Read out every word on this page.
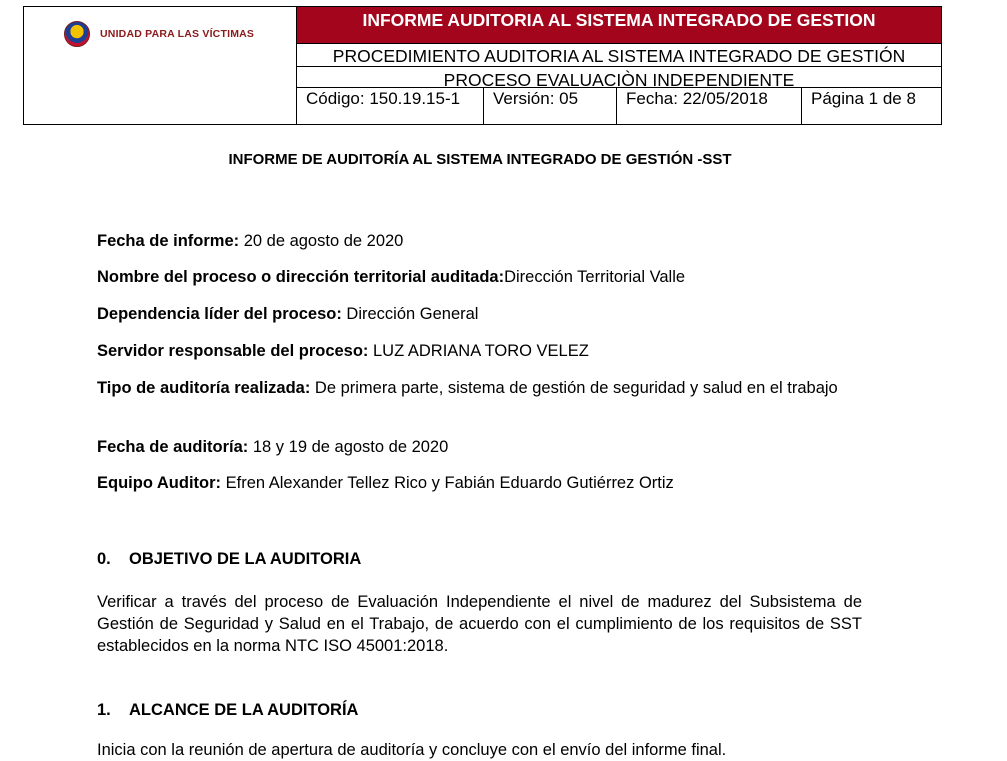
UNIDAD PARA LAS VÍCTIMAS
INFORME AUDITORIA AL SISTEMA INTEGRADO DE GESTION
PROCEDIMIENTO AUDITORIA AL SISTEMA INTEGRADO DE GESTIÓN
PROCESO EVALUACIÒN INDEPENDIENTE
Código: 150.19.15-1	Versión: 05	Fecha: 22/05/2018	Página 1 de 8
INFORME DE AUDITORÍA AL SISTEMA INTEGRADO DE GESTIÓN -SST
Fecha de informe: 20 de agosto de 2020
Nombre del proceso o dirección territorial auditada:Dirección Territorial Valle
Dependencia líder del proceso: Dirección General
Servidor responsable del proceso: LUZ ADRIANA TORO VELEZ
Tipo de auditoría realizada: De primera parte, sistema de gestión de seguridad y salud en el trabajo
Fecha de auditoría: 18 y 19 de agosto de 2020
Equipo Auditor: Efren Alexander Tellez Rico y Fabián Eduardo Gutiérrez Ortiz
0. OBJETIVO DE LA AUDITORIA
Verificar a través del proceso de Evaluación Independiente el nivel de madurez del Subsistema de Gestión de Seguridad y Salud en el Trabajo, de acuerdo con el cumplimiento de los requisitos de SST establecidos en la norma NTC ISO 45001:2018.
1. ALCANCE DE LA AUDITORÍA
Inicia con la reunión de apertura de auditoría y concluye con el envío del informe final.
